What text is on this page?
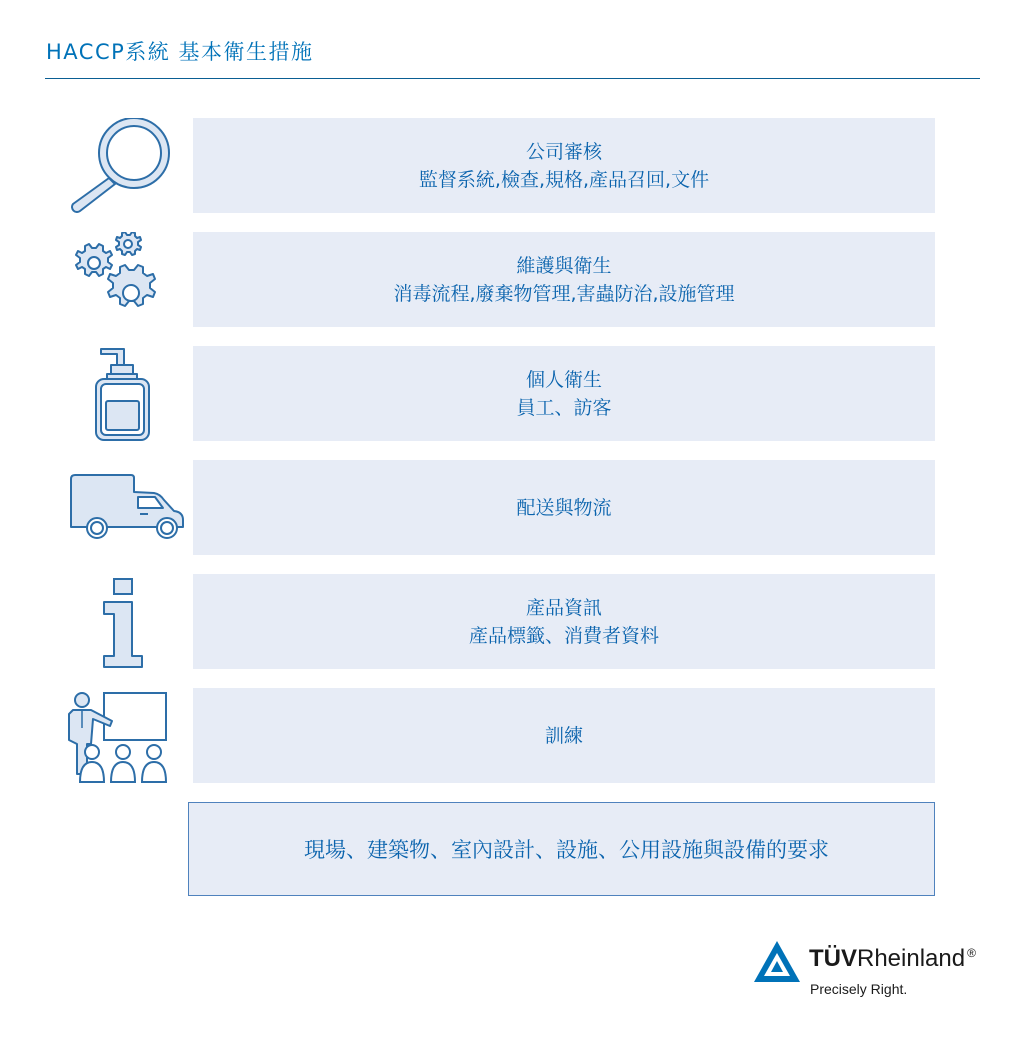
HACCP系統 基本衛生措施
公司審核
監督系統,檢查,規格,產品召回,文件
維護與衛生
消毒流程,廢棄物管理,害蟲防治,設施管理
個人衛生
員工、訪客
配送與物流
產品資訊
產品標籤、消費者資料
訓練
現場、建築物、室內設計、設施、公用設施與設備的要求
TÜVRheinland ®
Precisely Right.
